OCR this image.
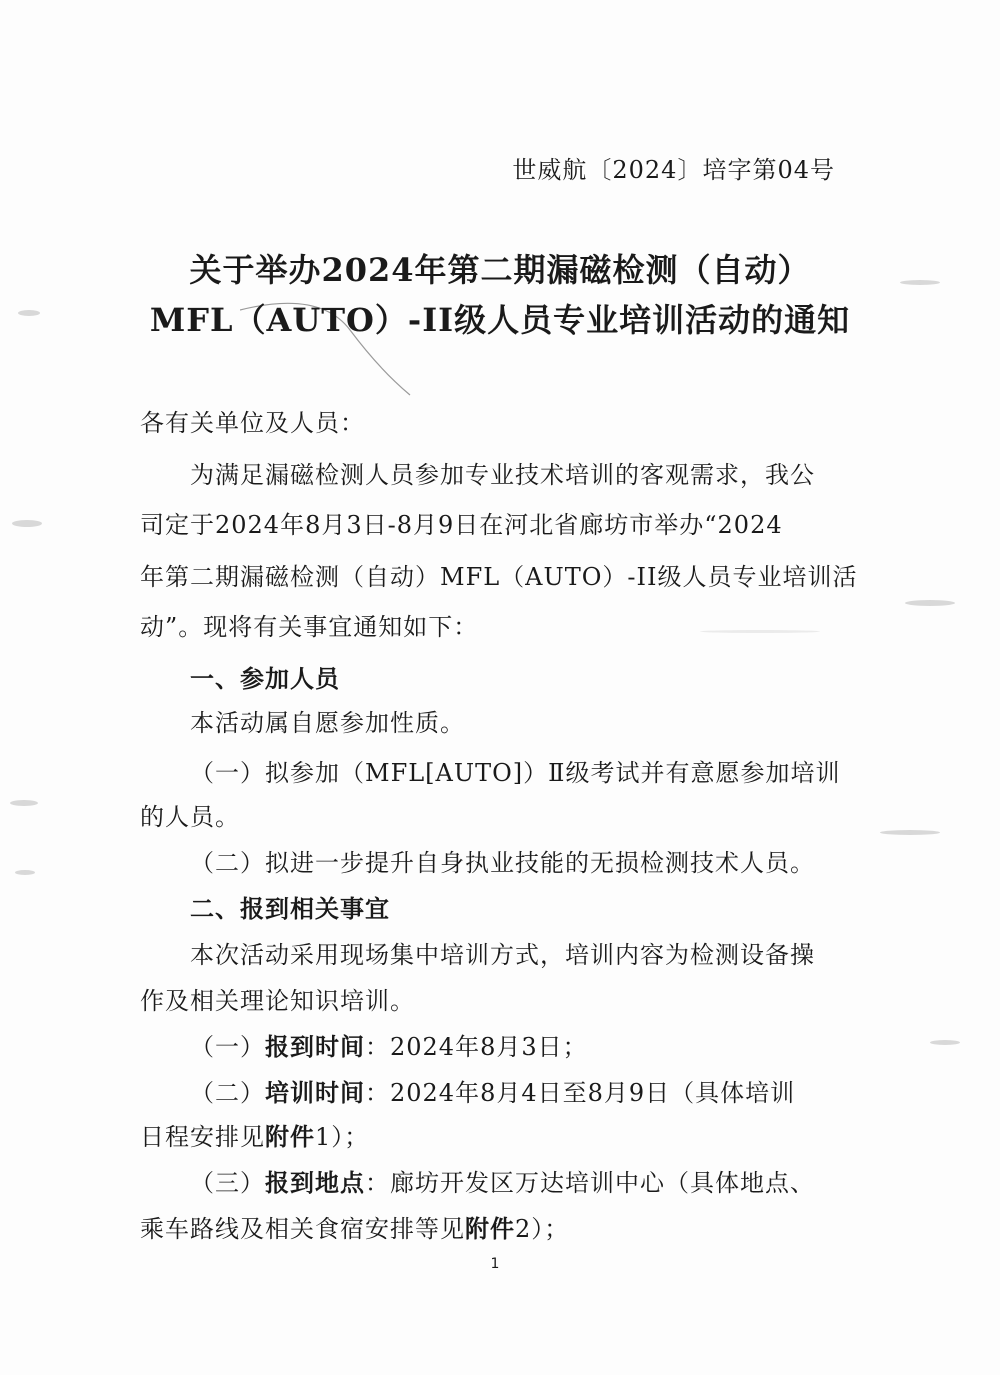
世威航〔2024〕培字第04号
关于举办2024年第二期漏磁检测（自动）
MFL（AUTO）-II级人员专业培训活动的通知
各有关单位及人员：
为满足漏磁检测人员参加专业技术培训的客观需求，我公
司定于2024年8月3日-8月9日在河北省廊坊市举办“2024
年第二期漏磁检测（自动）MFL（AUTO）-II级人员专业培训活
动”。现将有关事宜通知如下：
一、参加人员
本活动属自愿参加性质。
（一）拟参加（MFL[AUTO]）Ⅱ级考试并有意愿参加培训
的人员。
（二）拟进一步提升自身执业技能的无损检测技术人员。
二、报到相关事宜
本次活动采用现场集中培训方式，培训内容为检测设备操
作及相关理论知识培训。
（一）报到时间：2024年8月3日；
（二）培训时间：2024年8月4日至8月9日（具体培训
日程安排见附件1）；
（三）报到地点：廊坊开发区万达培训中心（具体地点、
乘车路线及相关食宿安排等见附件2）；
1
